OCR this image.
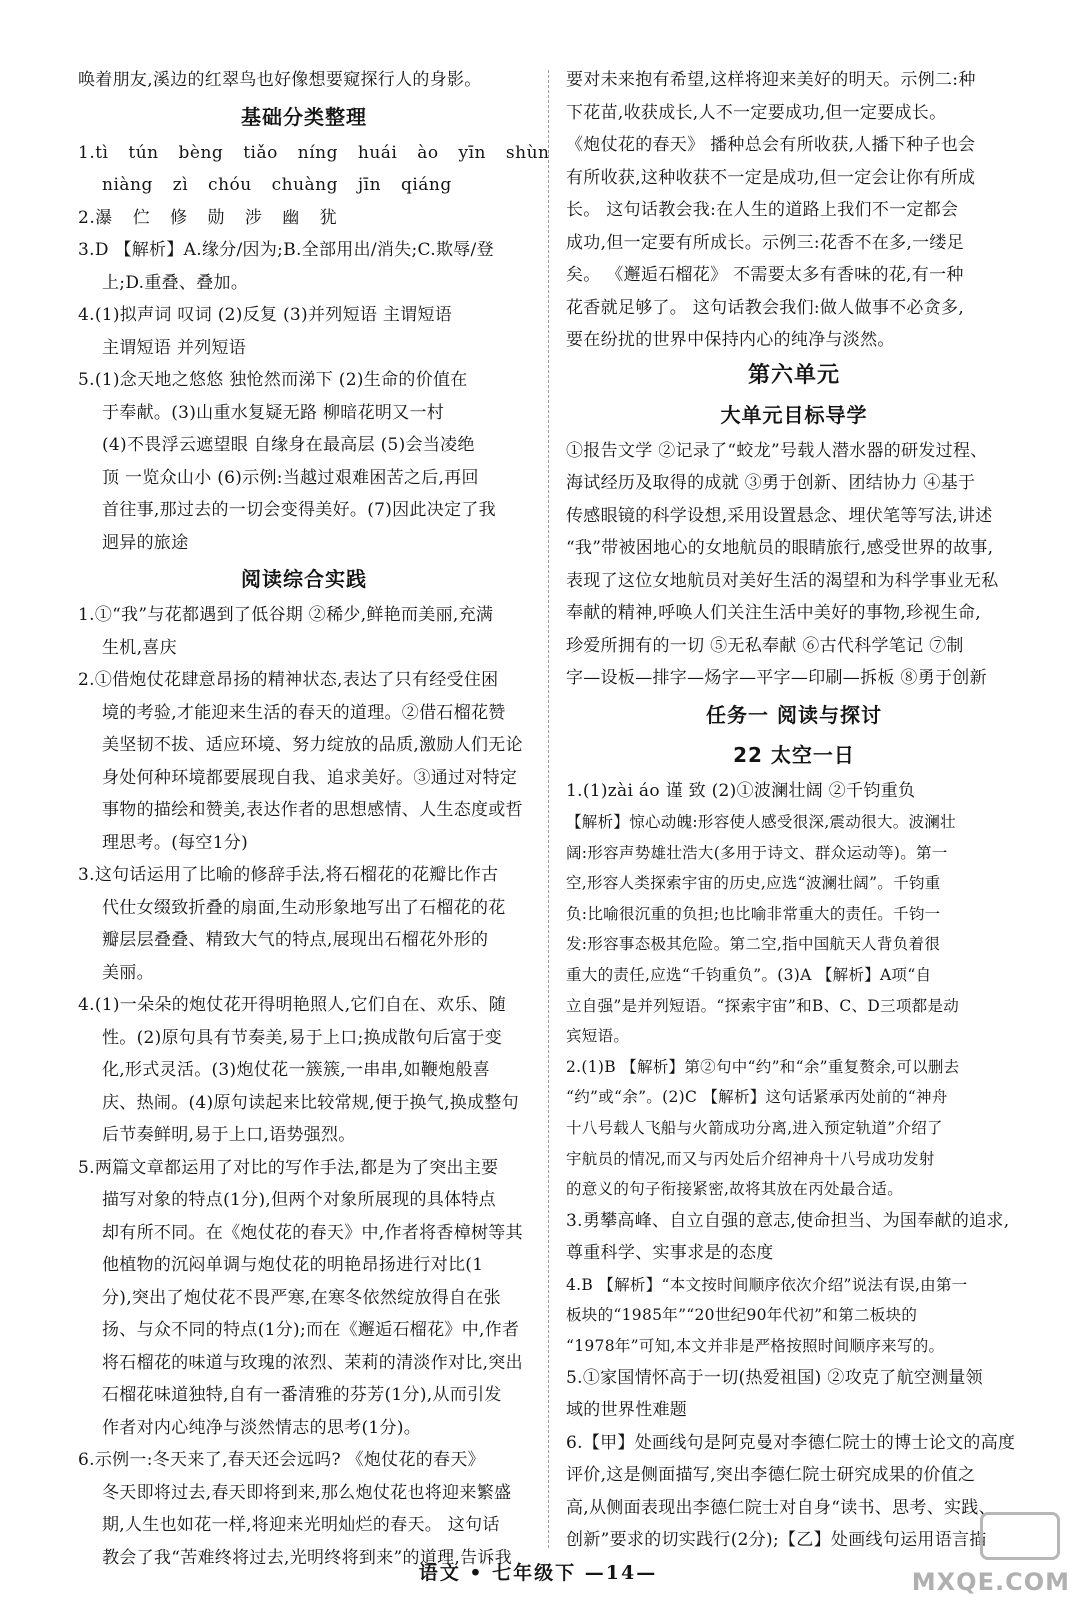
唤着朋友,溪边的红翠鸟也好像想要窥探行人的身影。
基础分类整理
1.tì tún bèng tiǎo níng huái ào yīn shùn
niàng zì chóu chuàng jīn qiáng
2.瀑 伫 修 勋 涉 幽 犹
3.D 【解析】A.缘分/因为;B.全部用出/消失;C.欺辱/登
上;D.重叠、叠加。
4.(1)拟声词 叹词 (2)反复 (3)并列短语 主谓短语
主谓短语 并列短语
5.(1)念天地之悠悠 独怆然而涕下 (2)生命的价值在
于奉献。(3)山重水复疑无路 柳暗花明又一村
(4)不畏浮云遮望眼 自缘身在最高层 (5)会当凌绝
顶 一览众山小 (6)示例:当越过艰难困苦之后,再回
首往事,那过去的一切会变得美好。(7)因此决定了我
迥异的旅途
阅读综合实践
1.①“我”与花都遇到了低谷期 ②稀少,鲜艳而美丽,充满
生机,喜庆
2.①借炮仗花肆意昂扬的精神状态,表达了只有经受住困
境的考验,才能迎来生活的春天的道理。②借石榴花赞
美坚韧不拔、适应环境、努力绽放的品质,激励人们无论
身处何种环境都要展现自我、追求美好。③通过对特定
事物的描绘和赞美,表达作者的思想感情、人生态度或哲
理思考。(每空1分)
3.这句话运用了比喻的修辞手法,将石榴花的花瓣比作古
代仕女缀致折叠的扇面,生动形象地写出了石榴花的花
瓣层层叠叠、精致大气的特点,展现出石榴花外形的
美丽。
4.(1)一朵朵的炮仗花开得明艳照人,它们自在、欢乐、随
性。(2)原句具有节奏美,易于上口;换成散句后富于变
化,形式灵活。(3)炮仗花一簇簇,一串串,如鞭炮般喜
庆、热闹。(4)原句读起来比较常规,便于换气,换成整句
后节奏鲜明,易于上口,语势强烈。
5.两篇文章都运用了对比的写作手法,都是为了突出主要
描写对象的特点(1分),但两个对象所展现的具体特点
却有所不同。在《炮仗花的春天》中,作者将香樟树等其
他植物的沉闷单调与炮仗花的明艳昂扬进行对比(1
分),突出了炮仗花不畏严寒,在寒冬依然绽放得自在张
扬、与众不同的特点(1分);而在《邂逅石榴花》中,作者
将石榴花的味道与玫瑰的浓烈、茉莉的清淡作对比,突出
石榴花味道独特,自有一番清雅的芬芳(1分),从而引发
作者对内心纯净与淡然情志的思考(1分)。
6.示例一:冬天来了,春天还会远吗? 《炮仗花的春天》
冬天即将过去,春天即将到来,那么炮仗花也将迎来繁盛
期,人生也如花一样,将迎来光明灿烂的春天。 这句话
教会了我“苦难终将过去,光明终将到来”的道理,告诉我
要对未来抱有希望,这样将迎来美好的明天。示例二:种
下花苗,收获成长,人不一定要成功,但一定要成长。
《炮仗花的春天》 播种总会有所收获,人播下种子也会
有所收获,这种收获不一定是成功,但一定会让你有所成
长。 这句话教会我:在人生的道路上我们不一定都会
成功,但一定要有所成长。示例三:花香不在多,一缕足
矣。 《邂逅石榴花》 不需要太多有香味的花,有一种
花香就足够了。 这句话教会我们:做人做事不必贪多,
要在纷扰的世界中保持内心的纯净与淡然。
第六单元
大单元目标导学
①报告文学 ②记录了“蛟龙”号载人潜水器的研发过程、
海试经历及取得的成就 ③勇于创新、团结协力 ④基于
传感眼镜的科学设想,采用设置悬念、埋伏笔等写法,讲述
“我”带被困地心的女地航员的眼睛旅行,感受世界的故事,
表现了这位女地航员对美好生活的渴望和为科学事业无私
奉献的精神,呼唤人们关注生活中美好的事物,珍视生命,
珍爱所拥有的一切 ⑤无私奉献 ⑥古代科学笔记 ⑦制
字—设板—排字—炀字—平字—印刷—拆板 ⑧勇于创新
任务一 阅读与探讨
22 太空一日
1.(1)zài áo 谨 致 (2)①波澜壮阔 ②千钧重负
【解析】惊心动魄:形容使人感受很深,震动很大。波澜壮
阔:形容声势雄壮浩大(多用于诗文、群众运动等)。第一
空,形容人类探索宇宙的历史,应选“波澜壮阔”。千钧重
负:比喻很沉重的负担;也比喻非常重大的责任。千钧一
发:形容事态极其危险。第二空,指中国航天人背负着很
重大的责任,应选“千钧重负”。(3)A 【解析】A项“自
立自强”是并列短语。“探索宇宙”和B、C、D三项都是动
宾短语。
2.(1)B 【解析】第②句中“约”和“余”重复赘余,可以删去
“约”或“余”。(2)C 【解析】这句话紧承丙处前的“神舟
十八号载人飞船与火箭成功分离,进入预定轨道”介绍了
宇航员的情况,而又与丙处后介绍神舟十八号成功发射
的意义的句子衔接紧密,故将其放在丙处最合适。
3.勇攀高峰、自立自强的意志,使命担当、为国奉献的追求,
尊重科学、实事求是的态度
4.B 【解析】“本文按时间顺序依次介绍”说法有误,由第一
板块的“1985年”“20世纪90年代初”和第二板块的
“1978年”可知,本文并非是严格按照时间顺序来写的。
5.①家国情怀高于一切(热爱祖国) ②攻克了航空测量领
域的世界性难题
6.【甲】处画线句是阿克曼对李德仁院士的博士论文的高度
评价,这是侧面描写,突出李德仁院士研究成果的价值之
高,从侧面表现出李德仁院士对自身“读书、思考、实践、
创新”要求的切实践行(2分);【乙】处画线句运用语言描
语文 • 七年级下 —14—	MXQE.COM
